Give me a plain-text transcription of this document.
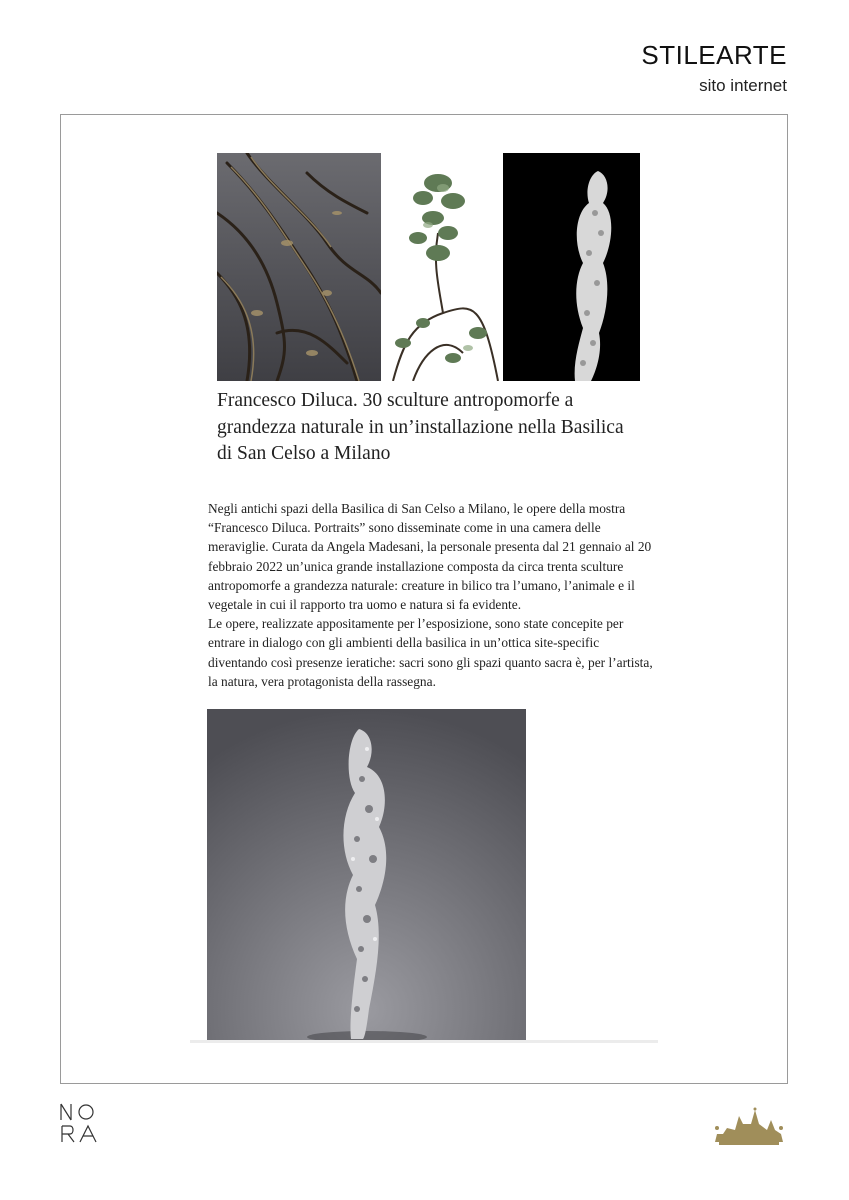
STILEARTE
sito internet
Francesco Diluca. 30 sculture antropomorfe a grandezza naturale in un’installazione nella Basilica di San Celso a Milano
Negli antichi spazi della Basilica di San Celso a Milano, le opere della mostra “Francesco Diluca. Portraits” sono disseminate come in una camera delle meraviglie. Curata da Angela Madesani, la personale presenta dal 21 gennaio al 20 febbraio 2022 un’unica grande installazione composta da circa trenta sculture antropomorfe a grandezza naturale: creature in bilico tra l’umano, l’animale e il vegetale in cui il rapporto tra uomo e natura si fa evidente.
Le opere, realizzate appositamente per l’esposizione, sono state concepite per entrare in dialogo con gli ambienti della basilica in un’ottica site-specific diventando così presenze ieratiche: sacri sono gli spazi quanto sacra è, per l’artista, la natura, vera protagonista della rassegna.
